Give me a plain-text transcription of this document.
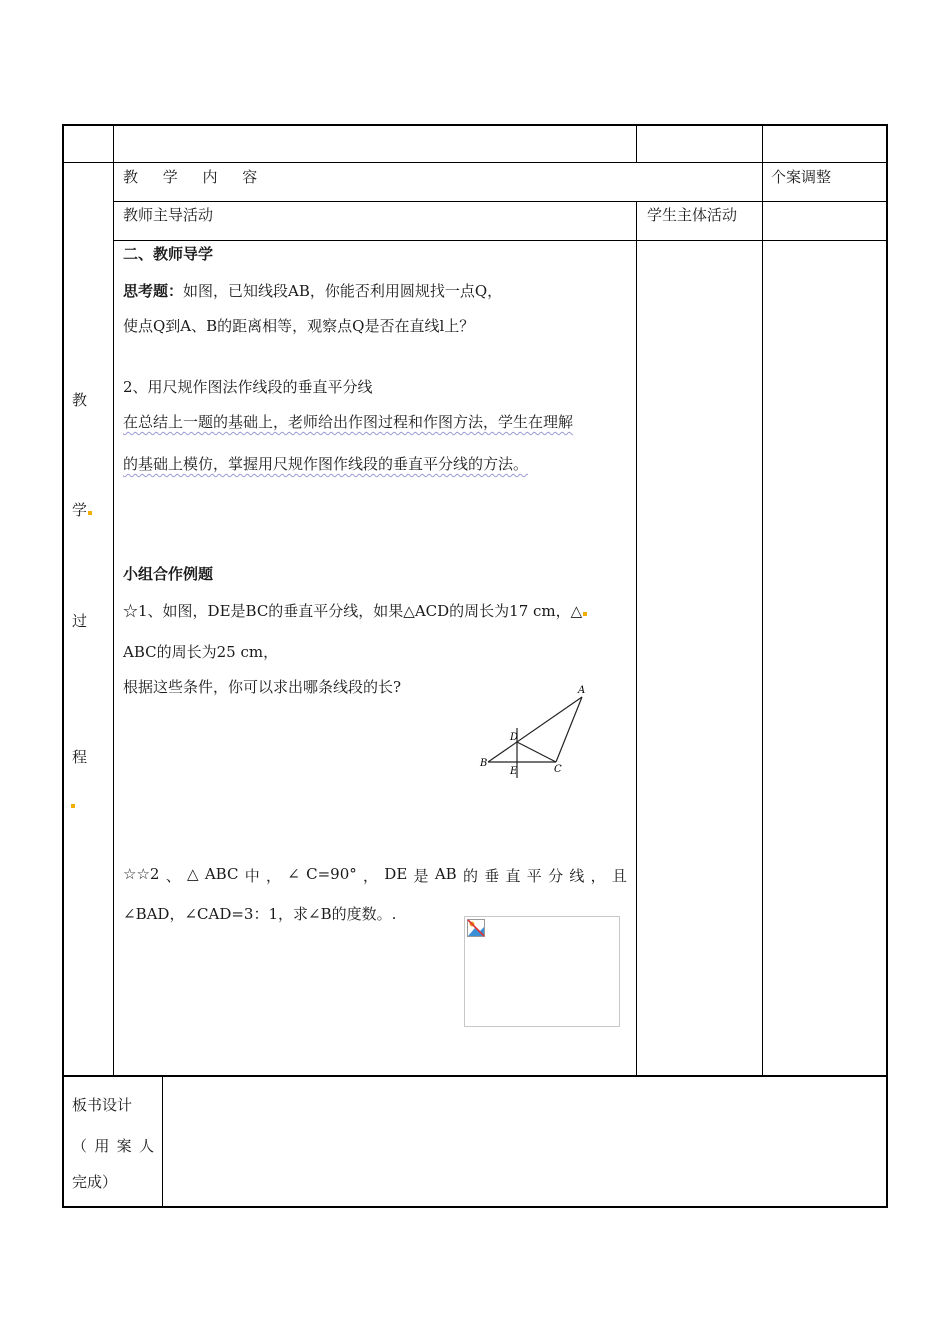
教 学 内 容	个案调整
教师主导活动	学生主体活动
教
学
过
程
二、教师导学
思考题：如图，已知线段AB，你能否利用圆规找一点Q，
使点Q到A、B的距离相等，观察点Q是否在直线l上？
2、用尺规作图法作线段的垂直平分线
在总结上一题的基础上，老师给出作图过程和作图方法，学生在理解
的基础上模仿，掌握用尺规作图作线段的垂直平分线的方法。
小组合作例题
☆1、如图，DE是BC的垂直平分线，如果△ACD的周长为17 cm，△
ABC的周长为25 cm，
根据这些条件，你可以求出哪条线段的长?	A
B
C
D
E
☆☆2 、 △ ABC 中 ， ∠ C=90° ， DE 是 AB 的 垂 直 平 分 线 ， 且
∠BAD，∠CAD=3：1，求∠B的度数。.
板书设计
（ 用 案 人
完成）
